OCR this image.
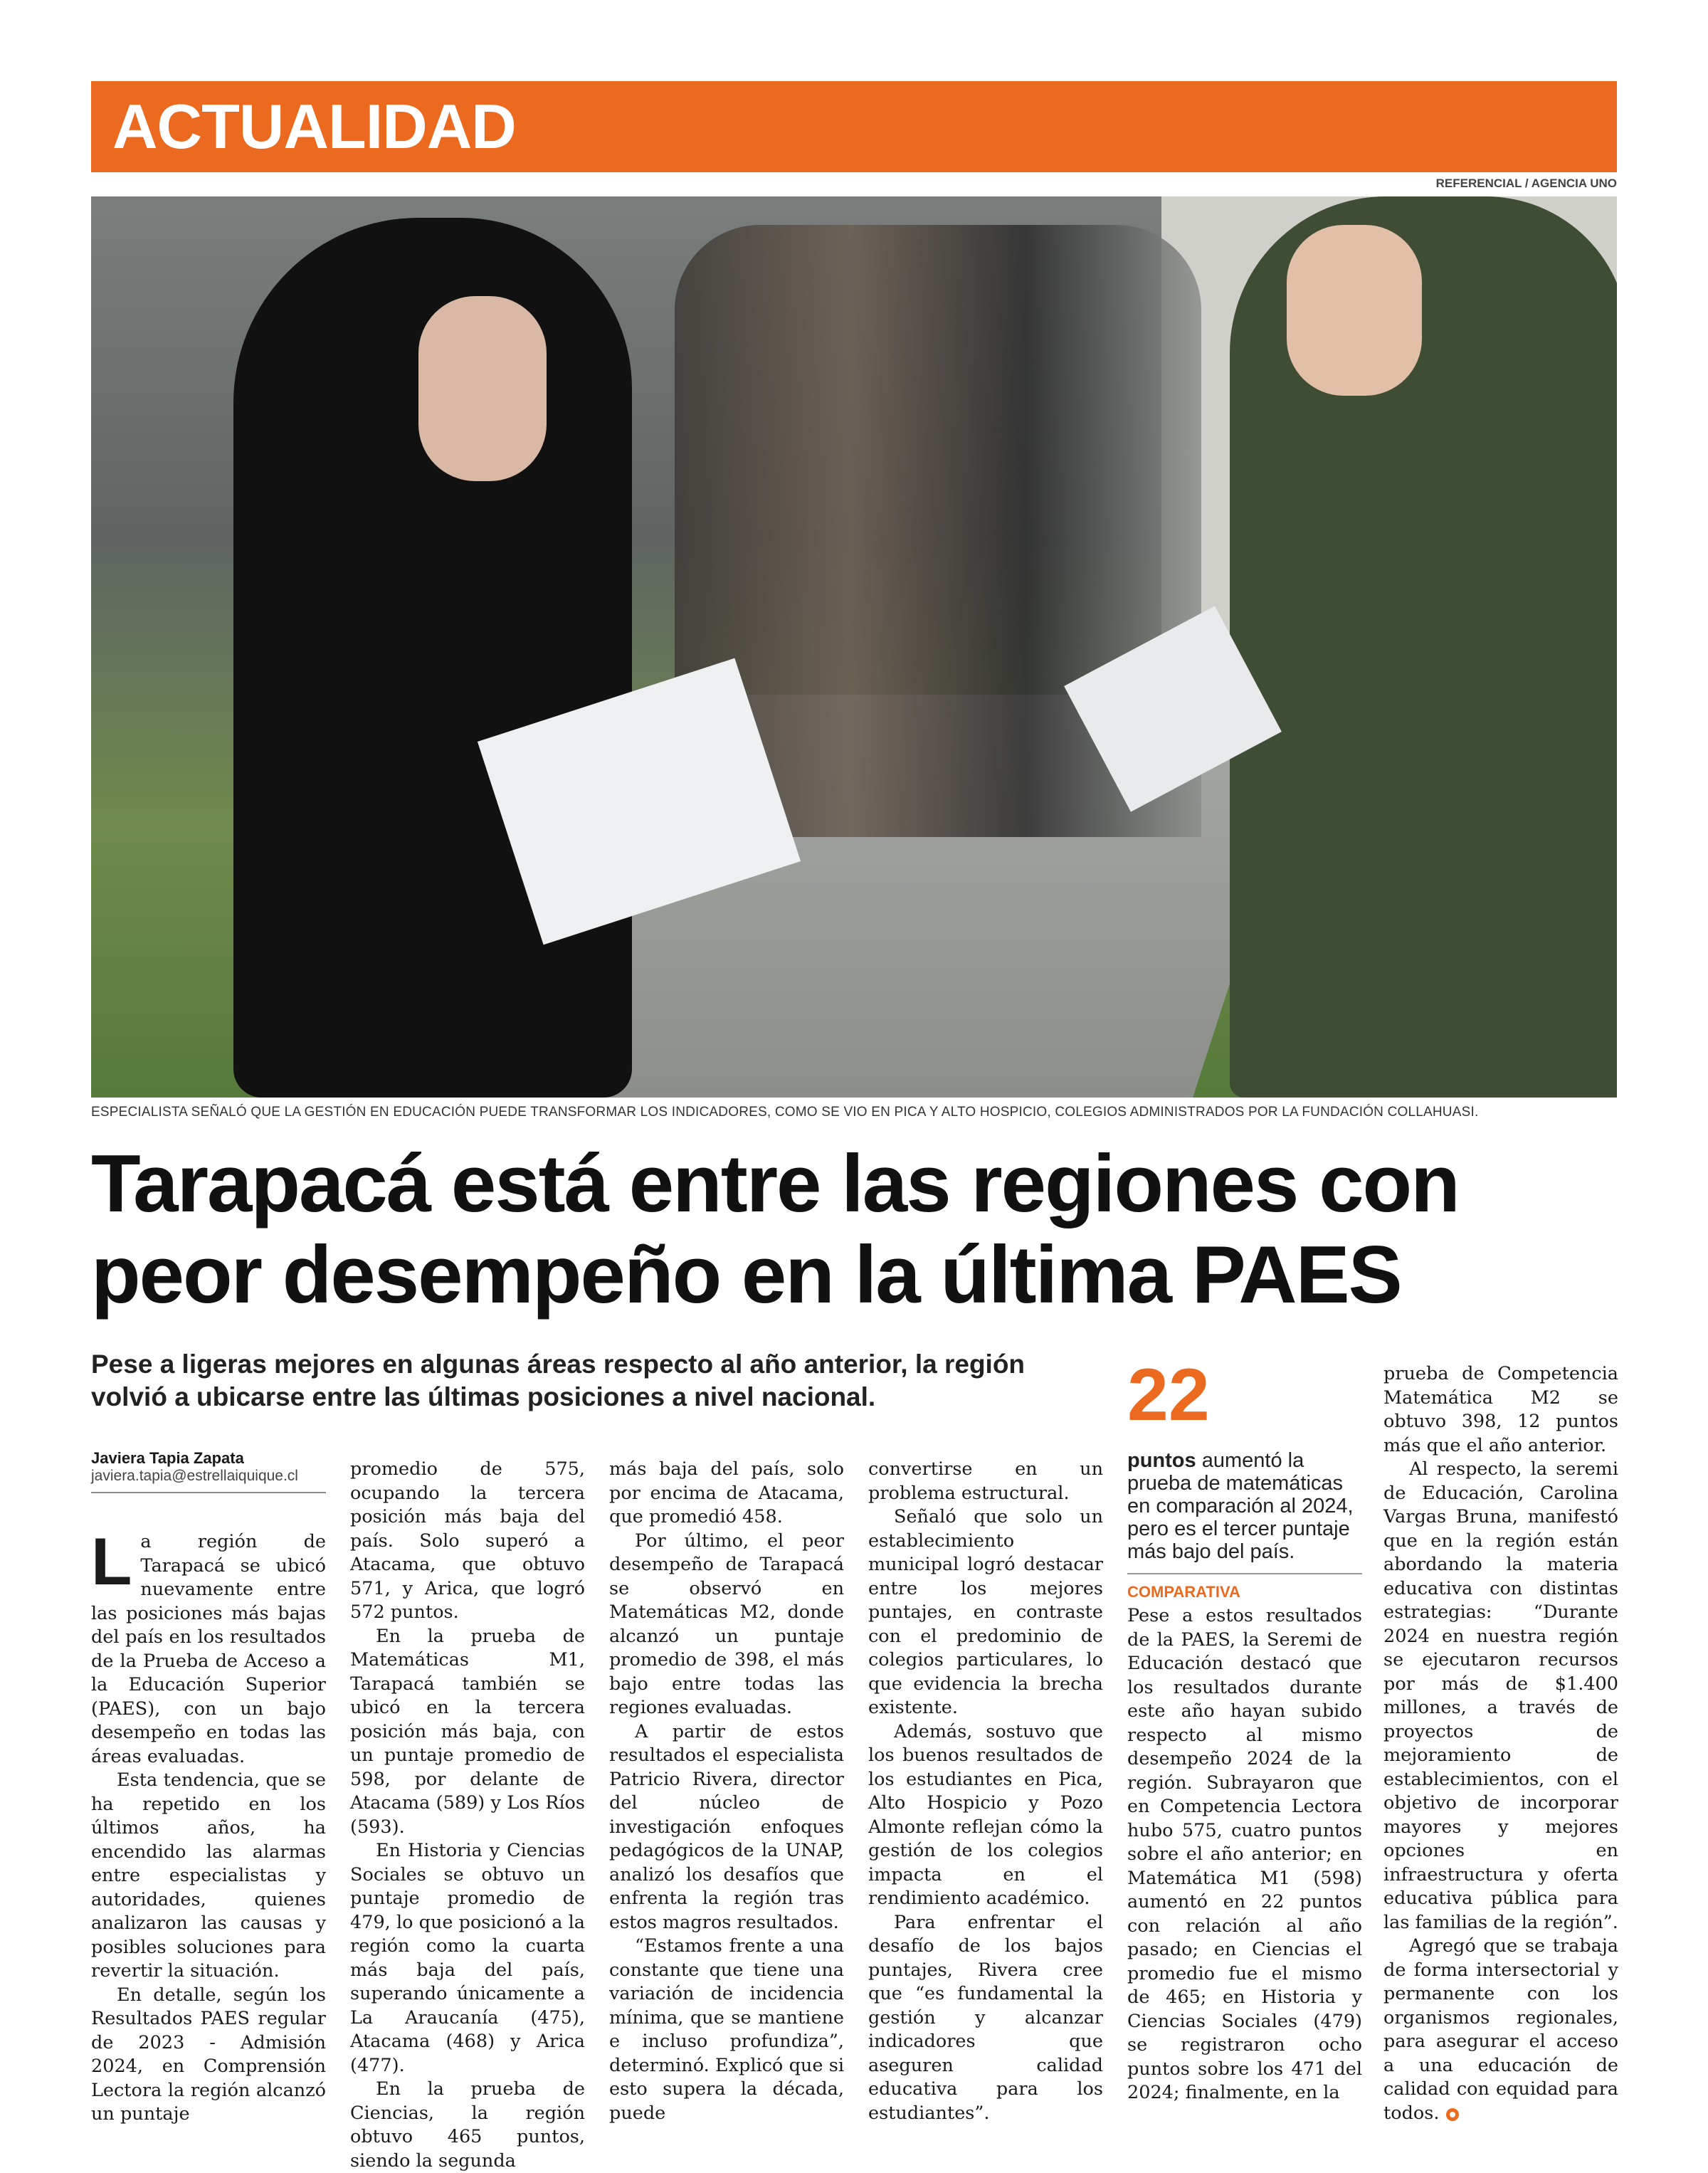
ACTUALIDAD
REFERENCIAL / AGENCIA UNO
ESPECIALISTA SEÑALÓ QUE LA GESTIÓN EN EDUCACIÓN PUEDE TRANSFORMAR LOS INDICADORES, COMO SE VIO EN PICA Y ALTO HOSPICIO, COLEGIOS ADMINISTRADOS POR LA FUNDACIÓN COLLAHUASI.
Tarapacá está entre las regiones con
peor desempeño en la última PAES
Pese a ligeras mejores en algunas áreas respecto al año anterior, la región
volvió a ubicarse entre las últimas posiciones a nivel nacional.
Javiera Tapia Zapata
javiera.tapia@estrellaiquique.cl

La región de Tarapacá se ubicó nuevamente entre las posiciones más bajas del país en los resultados de la Prueba de Acceso a la Educación Superior (PAES), con un bajo desempeño en todas las áreas evaluadas.

Esta tendencia, que se ha repetido en los últimos años, ha encendido las alarmas entre especialistas y autoridades, quienes analizaron las causas y posibles soluciones para revertir la situación.

En detalle, según los Resultados PAES regular de 2023 - Admisión 2024, en Comprensión Lectora la región alcanzó un puntaje

promedio de 575, ocupando la tercera posición más baja del país. Solo superó a Atacama, que obtuvo 571, y Arica, que logró 572 puntos.

En la prueba de Matemáticas M1, Tarapacá también se ubicó en la tercera posición más baja, con un puntaje promedio de 598, por delante de Atacama (589) y Los Ríos (593).

En Historia y Ciencias Sociales se obtuvo un puntaje promedio de 479, lo que posicionó a la región como la cuarta más baja del país, superando únicamente a La Araucanía (475), Atacama (468) y Arica (477).

En la prueba de Ciencias, la región obtuvo 465 puntos, siendo la segunda

más baja del país, solo por encima de Atacama, que promedió 458.

Por último, el peor desempeño de Tarapacá se observó en Matemáticas M2, donde alcanzó un puntaje promedio de 398, el más bajo entre todas las regiones evaluadas.

A partir de estos resultados el especialista Patricio Rivera, director del núcleo de investigación enfoques pedagógicos de la UNAP, analizó los desafíos que enfrenta la región tras estos magros resultados.

“Estamos frente a una constante que tiene una variación de incidencia mínima, que se mantiene e incluso profundiza”, determinó. Explicó que si esto supera la década, puede

convertirse en un problema estructural.

Señaló que solo un establecimiento municipal logró destacar entre los mejores puntajes, en contraste con el predominio de colegios particulares, lo que evidencia la brecha existente.

Además, sostuvo que los buenos resultados de los estudiantes en Pica, Alto Hospicio y Pozo Almonte reflejan cómo la gestión de los colegios impacta en el rendimiento académico.

Para enfrentar el desafío de los bajos puntajes, Rivera cree que “es fundamental la gestión y alcanzar indicadores que aseguren calidad educativa para los estudiantes”.

22
puntos aumentó la
prueba de matemáticas
en comparación al 2024,
pero es el tercer puntaje
más bajo del país.
COMPARATIVA

Pese a estos resultados de la PAES, la Seremi de Educación destacó que los resultados durante este año hayan subido respecto al mismo desempeño 2024 de la región. Subrayaron que en Competencia Lectora hubo 575, cuatro puntos sobre el año anterior; en Matemática M1 (598) aumentó en 22 puntos con relación al año pasado; en Ciencias el promedio fue el mismo de 465; en Historia y Ciencias Sociales (479) se registraron ocho puntos sobre los 471 del 2024; finalmente, en la

prueba de Competencia Matemática M2 se obtuvo 398, 12 puntos más que el año anterior.

Al respecto, la seremi de Educación, Carolina Vargas Bruna, manifestó que en la región están abordando la materia educativa con distintas estrategias: “Durante 2024 en nuestra región se ejecutaron recursos por más de $1.400 millones, a través de proyectos de mejoramiento de establecimientos, con el objetivo de incorporar mayores y mejores opciones en infraestructura y oferta educativa pública para las familias de la región”.

Agregó que se trabaja de forma intersectorial y permanente con los organismos regionales, para asegurar el acceso a una educación de calidad con equidad para todos.
